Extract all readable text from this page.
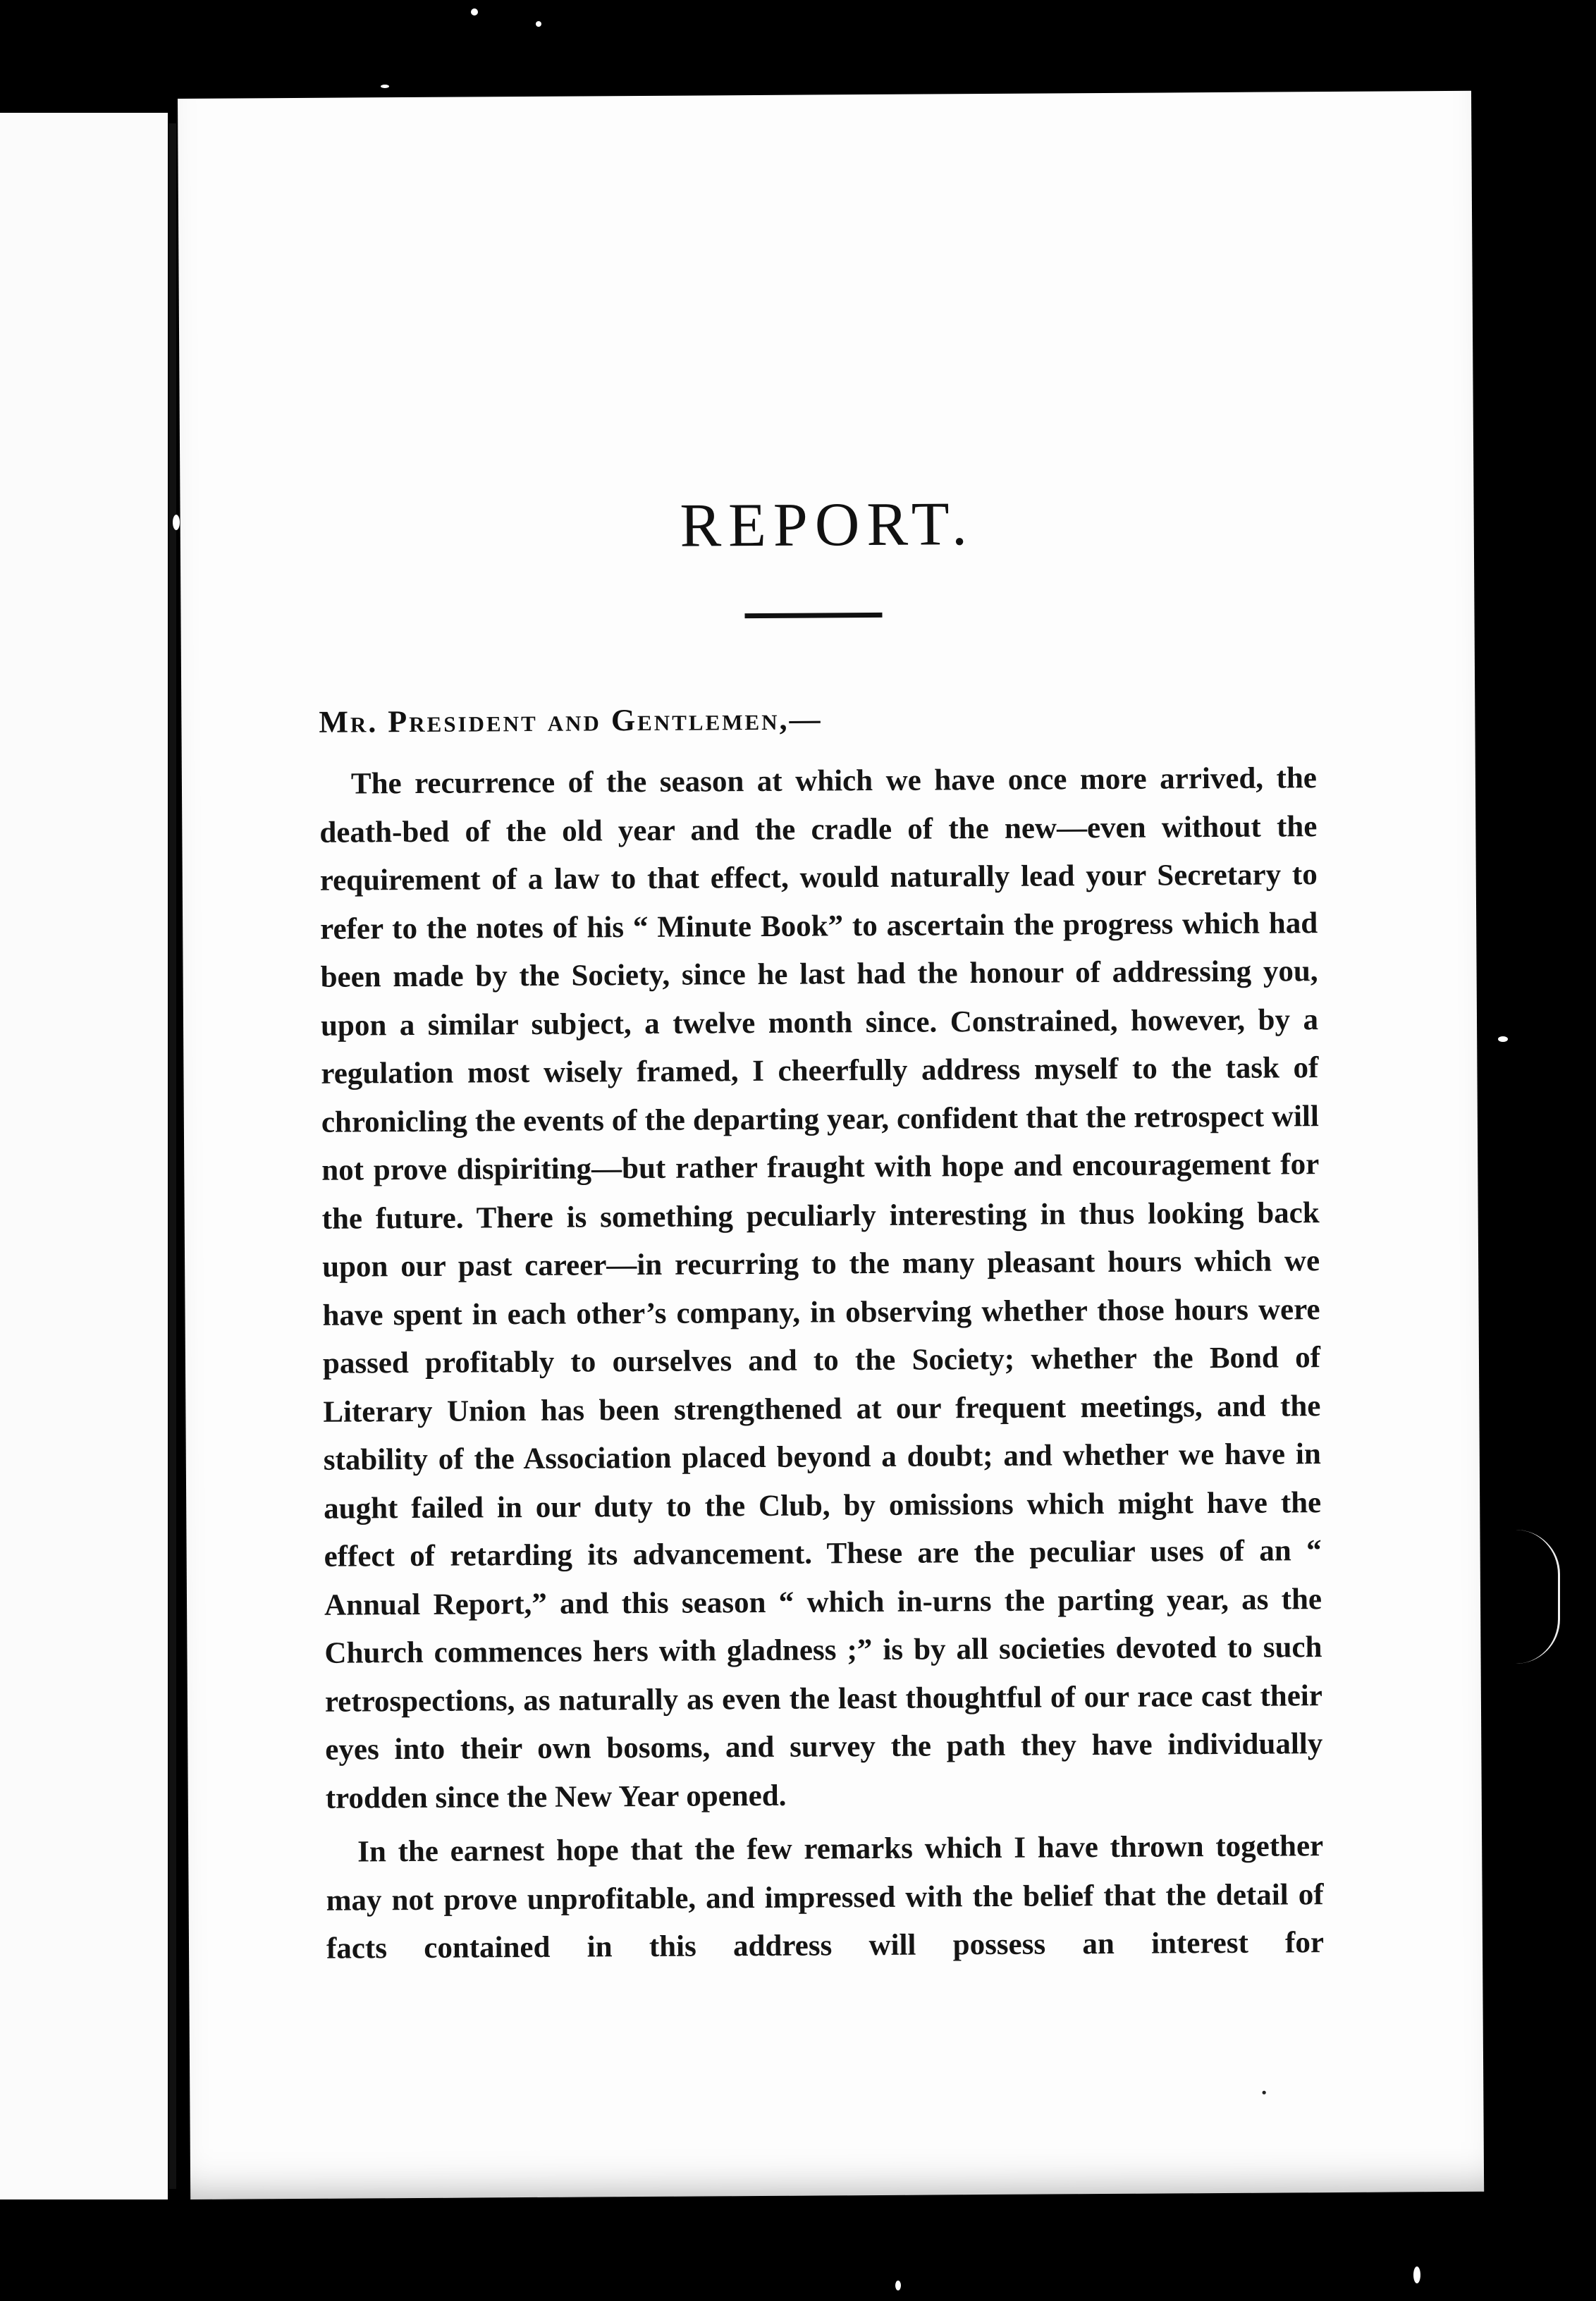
REPORT.
Mr. President and Gentlemen,—

The recurrence of the season at which we have once more arrived, the death-bed of the old year and the cradle of the new—even without the requirement of a law to that effect, would naturally lead your Secretary to refer to the notes of his “ Minute Book” to ascertain the progress which had been made by the Society, since he last had the honour of addressing you, upon a similar subject, a twelve month since. Constrained, however, by a regulation most wisely framed, I cheerfully address myself to the task of chronicling the events of the departing year, confident that the retrospect will not prove dispiriting—but rather fraught with hope and encouragement for the future. There is something peculiarly interesting in thus looking back upon our past career—in recurring to the many pleasant hours which we have spent in each other’s company, in observing whether those hours were passed profitably to ourselves and to the Society; whether the Bond of Literary Union has been strengthened at our frequent meetings, and the stability of the Association placed beyond a doubt; and whether we have in aught failed in our duty to the Club, by omissions which might have the effect of retarding its advancement. These are the peculiar uses of an “ Annual Report,” and this season “ which in-urns the parting year, as the Church commences hers with gladness ;” is by all societies devoted to such retrospections, as naturally as even the least thoughtful of our race cast their eyes into their own bosoms, and survey the path they have individually trodden since the New Year opened.

In the earnest hope that the few remarks which I have thrown together may not prove unprofitable, and impressed with the belief that the detail of facts contained in this address will possess an interest for

•
